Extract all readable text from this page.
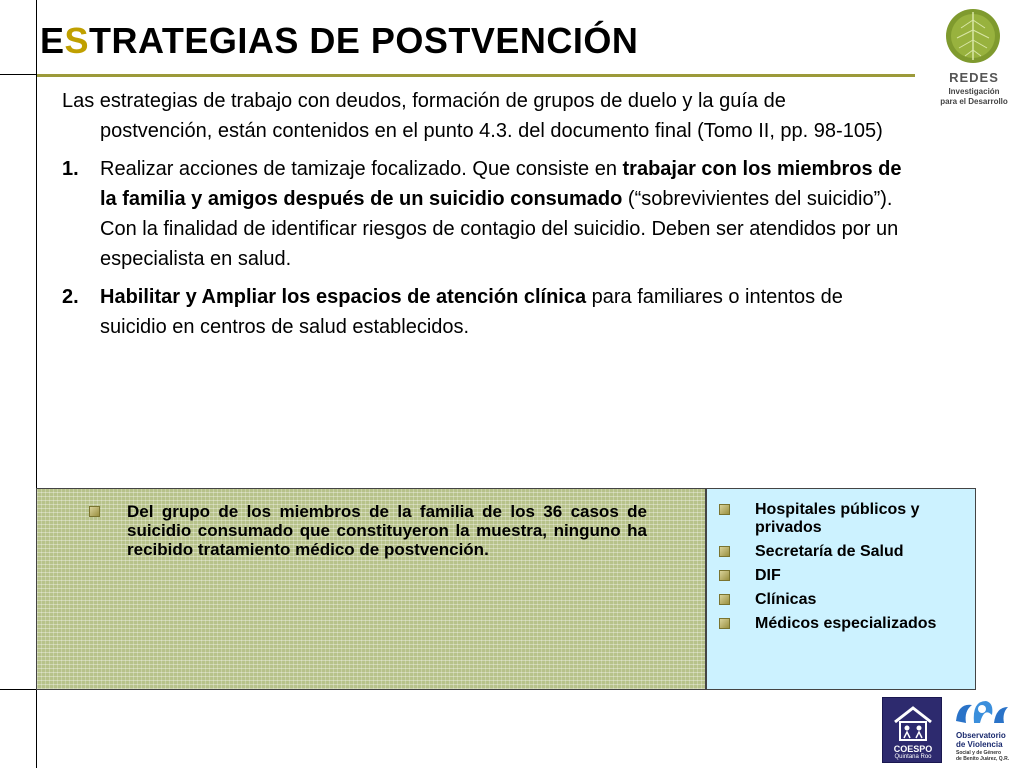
ESTRATEGIAS DE POSTVENCIÓN
REDES
Investigación
para el Desarrollo

Las estrategias de trabajo con deudos, formación de grupos de duelo y la guía de postvención, están contenidos en el punto 4.3. del documento final (Tomo II, pp. 98-105)

1. Realizar acciones de tamizaje focalizado. Que consiste en trabajar con los miembros de la familia y amigos después de un suicidio consumado (“sobrevivientes del suicidio”). Con la finalidad de identificar riesgos de contagio del suicidio. Deben ser atendidos por un especialista en salud.

2. Habilitar y Ampliar los espacios de atención clínica para familiares o intentos de suicidio en centros de salud establecidos.

Del grupo de los miembros de la familia de los 36 casos de suicidio consumado que constituyeron la muestra, ninguno ha recibido tratamiento médico de postvención.
Hospitales públicos y privados
Secretaría de Salud
DIF
Clínicas
Médicos especializados
COESPO
Quintana Roo
Observatorio
de Violencia
Social y de Género
de Benito Juárez, Q.R.
